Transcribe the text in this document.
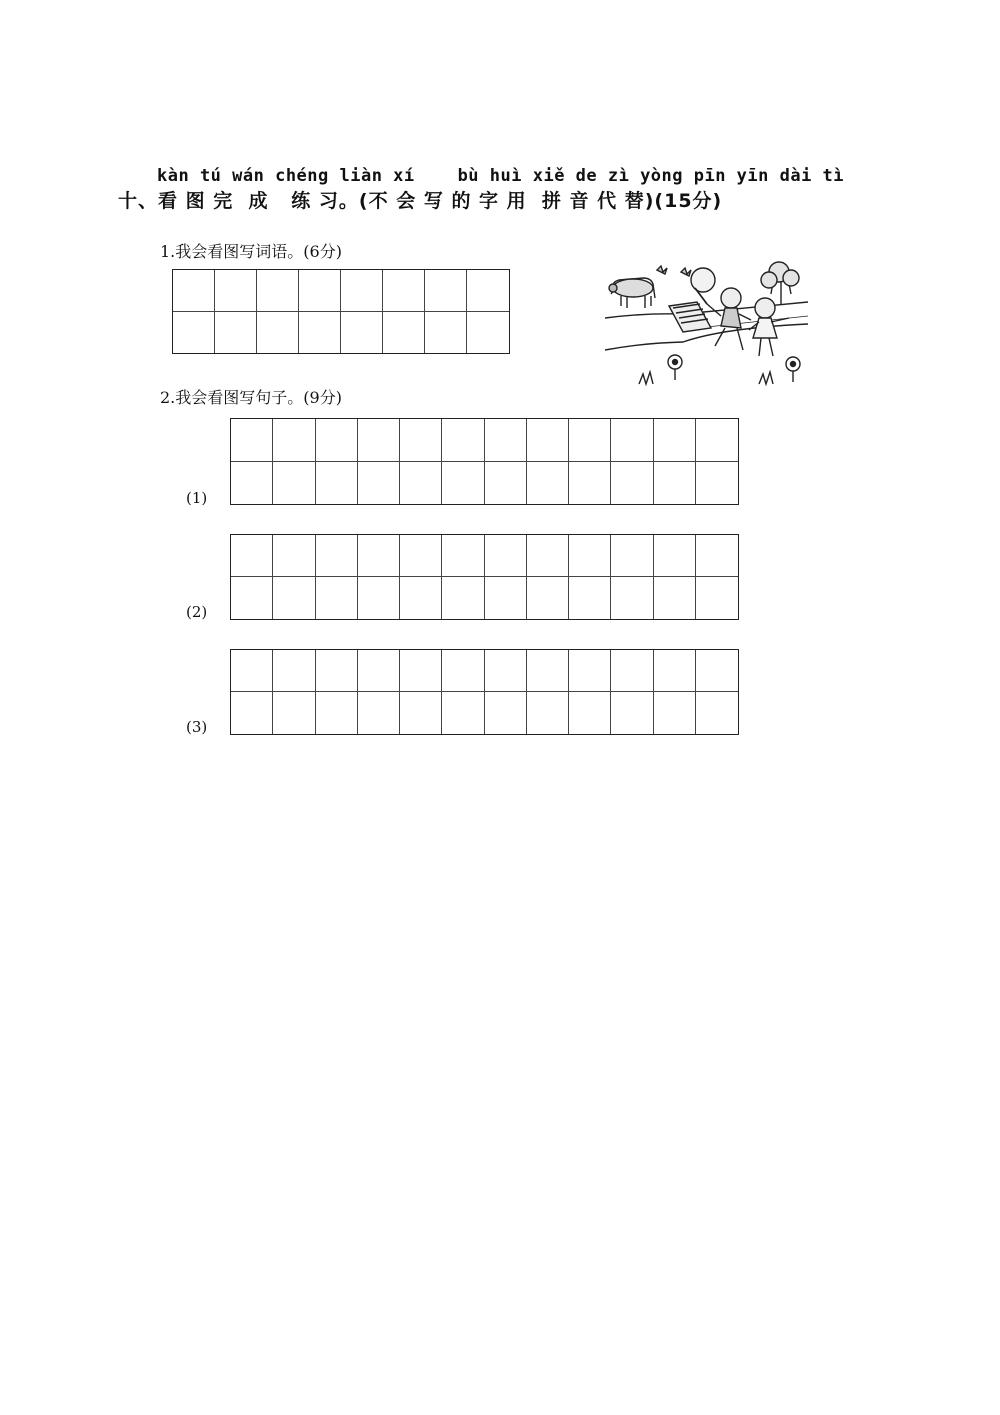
kàn tú wán chéng liàn xí    bù huì xiě de zì yòng pīn yīn dài tì
十、看 图 完  成   练 习。(不 会 写 的 字 用  拼 音 代 替)(15分)
1.我会看图写词语。(6分)
2.我会看图写句子。(9分)
(1)
(2)
(3)
